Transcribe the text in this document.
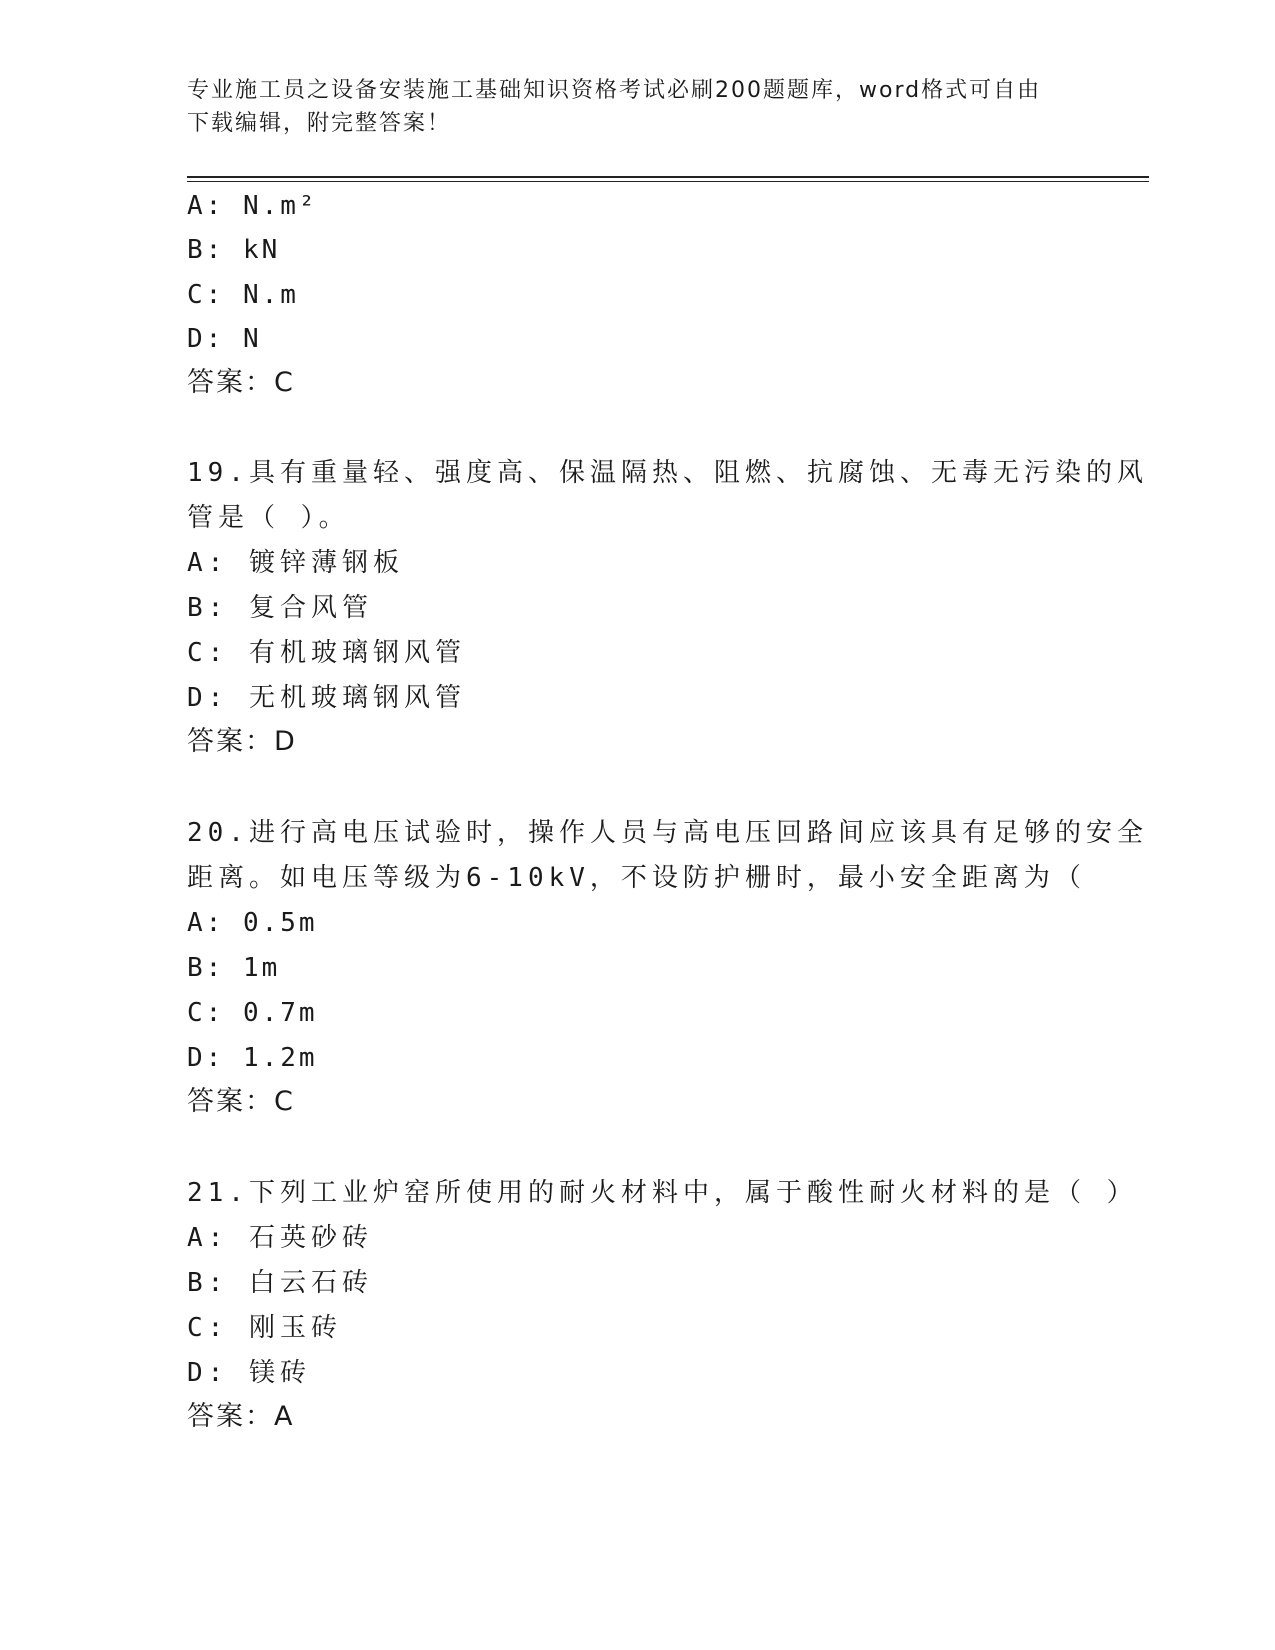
专业施工员之设备安装施工基础知识资格考试必刷200题题库，word格式可自由
下载编辑，附完整答案！
A: N.m²
B: kN
C: N.m
D: N
答案：C
19.具有重量轻、强度高、保温隔热、阻燃、抗腐蚀、无毒无污染的风
管是（ ）。
A: 镀锌薄钢板
B: 复合风管
C: 有机玻璃钢风管
D: 无机玻璃钢风管
答案：D
20.进行高电压试验时，操作人员与高电压回路间应该具有足够的安全
距离。如电压等级为6-10kV，不设防护栅时，最小安全距离为（
A: 0.5m
B: 1m
C: 0.7m
D: 1.2m
答案：C
21.下列工业炉窑所使用的耐火材料中，属于酸性耐火材料的是（ ）
A: 石英砂砖
B: 白云石砖
C: 刚玉砖
D: 镁砖
答案：A
